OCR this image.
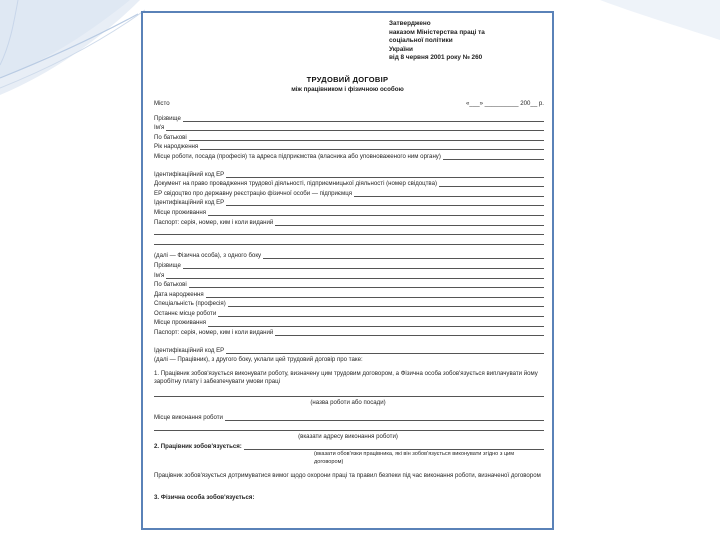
Затверджено
наказом Міністерства праці та
соціальної політики
України
від 8 червня 2001 року № 260
ТРУДОВИЙ ДОГОВІР
між працівником і фізичною особою
Місто	«___» __________ 200__ р.
Прізвище
Ім'я
По батькові
Рік народження
Місце роботи, посада (професія) та адреса підприємства (власника або уповноваженого ним органу)
Ідентифікаційний код ЕР
Документ на право провадження трудової діяльності, підприємницької діяльності (номер свідоцтва)
ЕР свідоцтво про державну реєстрацію фізичної особи — підприємця
Ідентифікаційний код ЕР
Місце проживання
Паспорт: серія, номер, ким і коли виданий
(далі — Фізична особа), з одного боку
Прізвище
Ім'я
По батькові
Дата народження
Спеціальність (професія)
Останнє місце роботи
Місце проживання
Паспорт: серія, номер, ким і коли виданий
Ідентифікаційний код ЕР
(далі — Працівник), з другого боку, уклали цей трудовий договір про таке:
1. Працівник зобов'язується виконувати роботу, визначену цим трудовим договором, а Фізична особа зобов'язується виплачувати йому заробітну плату і забезпечувати умови праці
(назва роботи або посади)
Місце виконання роботи
(вказати адресу виконання роботи)
2. Працівник зобов'язується:
(вказати обов'язки працівника, які він зобов'язується виконувати згідно з цим договором)
Працівник зобов'язується дотримуватися вимог щодо охорони праці та правил безпеки під час виконання роботи, визначеної договором
3. Фізична особа зобов'язується:
